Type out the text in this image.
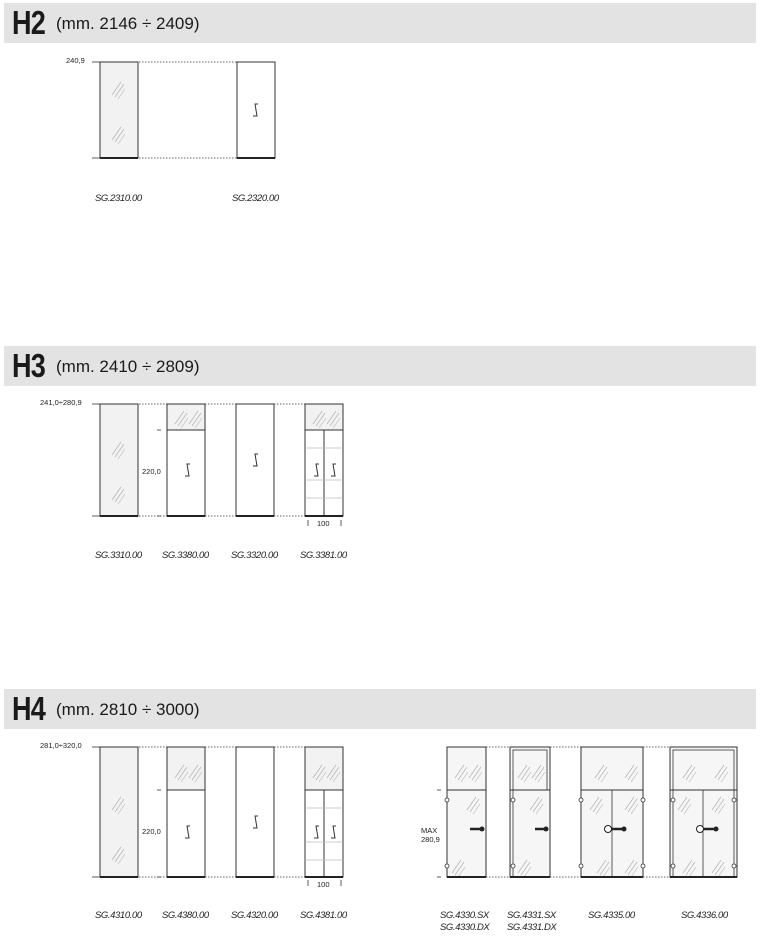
H2 (mm. 2146 ÷ 2409)
H3 (mm. 2410 ÷ 2809)
H4 (mm. 2810 ÷ 3000)
240,9
241,0÷280,9
220,0
100
281,0÷320,0
220,0
100
MAX
280,9
SG.2310.00	SG.2320.00
SG.3310.00 SG.3380.00 SG.3320.00 SG.3381.00
SG.4310.00 SG.4380.00 SG.4320.00 SG.4381.00	SG.4330.SX
SG.4330.DX
SG.4331.SX
SG.4331.DX
SG.4335.00	SG.4336.00
